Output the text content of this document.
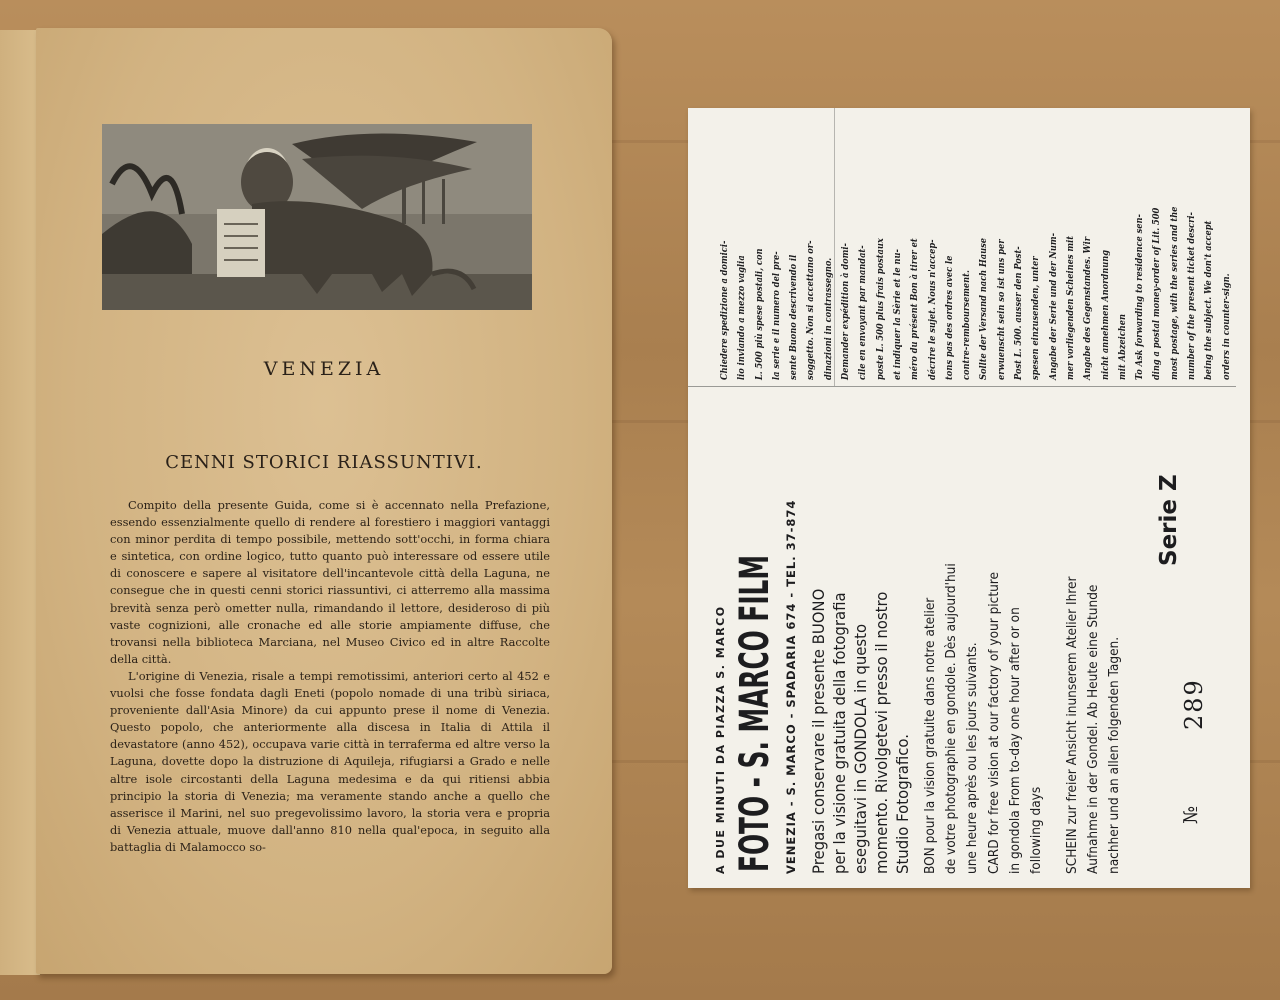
VENEZIA
CENNI STORICI RIASSUNTIVI.

Compito della presente Guida, come si è accennato nella Prefazione, essendo essenzialmente quello di rendere al forestiero i maggiori vantaggi con minor perdita di tempo possibile, mettendo sott'occhi, in forma chiara e sintetica, con ordine logico, tutto quanto può interessare od essere utile di conoscere e sapere al visitatore dell'incantevole città della Laguna, ne consegue che in questi cenni storici riassuntivi, ci atterremo alla massima brevità senza però ometter nulla, rimandando il lettore, desideroso di più vaste cognizioni, alle cronache ed alle storie ampiamente diffuse, che trovansi nella biblioteca Marciana, nel Museo Civico ed in altre Raccolte della città.

L'origine di Venezia, risale a tempi remotissimi, anteriori certo al 452 e vuolsi che fosse fondata dagli Eneti (popolo nomade di una tribù siriaca, proveniente dall'Asia Minore) da cui appunto prese il nome di Venezia. Questo popolo, che anteriormente alla discesa in Italia di Attila il devastatore (anno 452), occupava varie città in terraferma ed altre verso la Laguna, dovette dopo la distruzione di Aquileja, rifugiarsi a Grado e nelle altre isole circostanti della Laguna medesima e da qui ritiensi abbia principio la storia di Venezia; ma veramente stando anche a quello che asserisce il Marini, nel suo pregevolissimo lavoro, la storia vera e propria di Venezia attuale, muove dall'anno 810 nella qual'epoca, in seguito alla battaglia di Malamocco so-	A DUE MINUTI DA PIAZZA S. MARCO FOTO - S. MARCO FILM VENEZIA - S. MARCO - SPADARIA 674 - TEL. 37-874 Pregasi conservare il presente BUONO per la visione gratuita della fotografia eseguitavi in GONDOLA in questo momento. Rivolgetevi presso il nostro Studio Fotografico. BON pour la vision gratuite dans notre atelier de votre photographie en gondole. Dès aujourd'hui une heure après ou les jours suivants. CARD for free vision at our factory of your picture in gondola From to-day one hour after or on following days SCHEIN zur freier Ansicht inunserem Atelier Ihrer Aufnahme in der Gondel. Ab Heute eine Stunde nachher und an allen folgenden Tagen.	№
289
Serie Z
Chiedere spedizione a domici- lio inviando a mezzo vaglia L. 500 più spese postali, con la serie e il numero del pre- sente Buono descrivendo il soggetto. Non si accettano or- dinazioni in contrassegno. Demander expédition à domi- cile en envoyant par mandat- poste L. 500 plus frais postaux et indiquer la Sèrie et le nu- méro du présent Bon à tirer et décrire le sujet. Nous n'accep- tons pas des ordres avec le contre-remboursement. Sollte der Versand nach Hause erwuenscht sein so ist uns per Post L. 500. ausser den Post- spesen einzusenden, unter Angabe der Serie und der Num- mer vorliegenden Scheines mit Angabe des Gegenstandes. Wir nicht annehmen Anordnung mit Abzeichen To Ask forwarding to residence sen- ding a postal money-order of Lit. 500 most postage, with the series and the number of the present ticket descri- being the subject. We don't accept orders in counter-sign.
